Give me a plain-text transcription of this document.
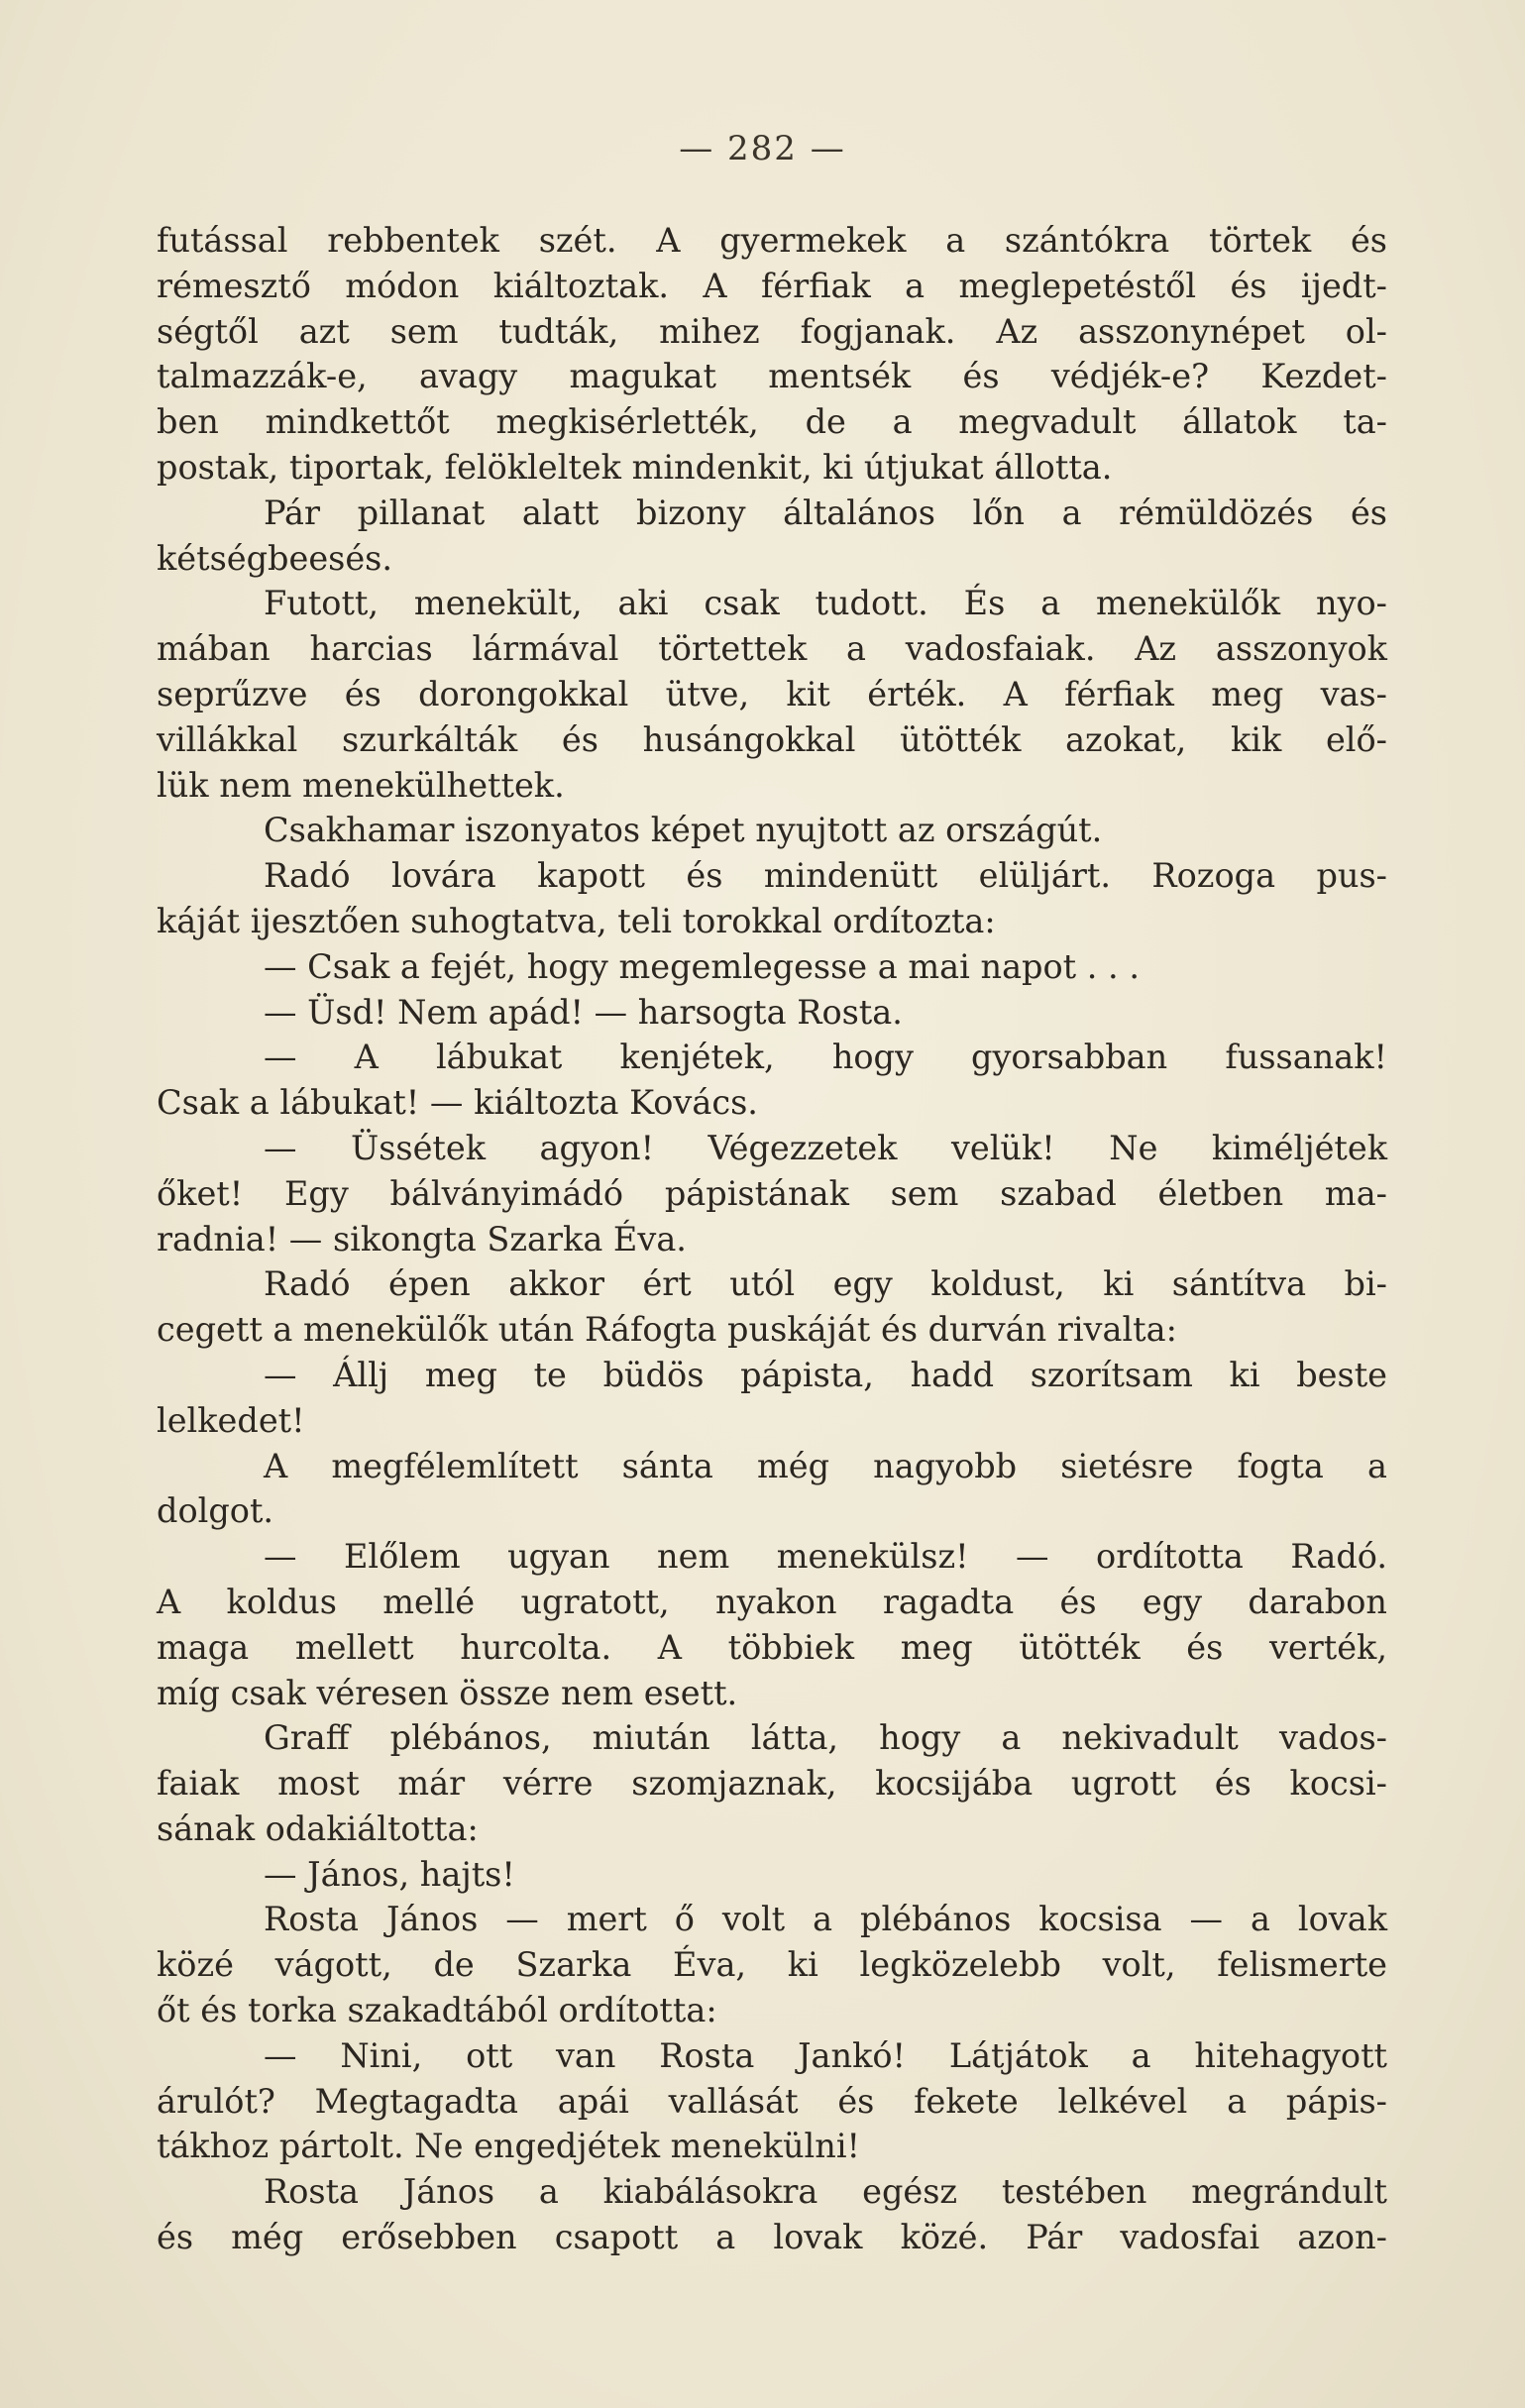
— 282 —
futással rebbentek szét. A gyermekek a szántókra törtek és
rémesztő módon kiáltoztak. A férfiak a meglepetéstől és ijedt-
ségtől azt sem tudták, mihez fogjanak. Az asszonynépet ol-
talmazzák-e, avagy magukat mentsék és védjék-e? Kezdet-
ben mindkettőt megkisérlették, de a megvadult állatok ta-
postak, tiportak, felökleltek mindenkit, ki útjukat állotta.
Pár pillanat alatt bizony általános lőn a rémüldözés és
kétségbeesés.
Futott, menekült, aki csak tudott. És a menekülők nyo-
mában harcias lármával törtettek a vadosfaiak. Az asszonyok
seprűzve és dorongokkal ütve, kit érték. A férfiak meg vas-
villákkal szurkálták és husángokkal ütötték azokat, kik elő-
lük nem menekülhettek.
Csakhamar iszonyatos képet nyujtott az országút.
Radó lovára kapott és mindenütt elüljárt. Rozoga pus-
káját ijesztően suhogtatva, teli torokkal ordítozta:
— Csak a fejét, hogy megemlegesse a mai napot . . .
— Üsd! Nem apád! — harsogta Rosta.
— A lábukat kenjétek, hogy gyorsabban fussanak!
Csak a lábukat! — kiáltozta Kovács.
— Üssétek agyon! Végezzetek velük! Ne kiméljétek
őket! Egy bálványimádó pápistának sem szabad életben ma-
radnia! — sikongta Szarka Éva.
Radó épen akkor ért utól egy koldust, ki sántítva bi-
cegett a menekülők után Ráfogta puskáját és durván rivalta:
— Állj meg te büdös pápista, hadd szorítsam ki beste
lelkedet!
A megfélemlített sánta még nagyobb sietésre fogta a
dolgot.
— Előlem ugyan nem menekülsz! — ordította Radó.
A koldus mellé ugratott, nyakon ragadta és egy darabon
maga mellett hurcolta. A többiek meg ütötték és verték,
míg csak véresen össze nem esett.
Graff plébános, miután látta, hogy a nekivadult vados-
faiak most már vérre szomjaznak, kocsijába ugrott és kocsi-
sának odakiáltotta:
— János, hajts!
Rosta János — mert ő volt a plébános kocsisa — a lovak
közé vágott, de Szarka Éva, ki legközelebb volt, felismerte
őt és torka szakadtából ordította:
— Nini, ott van Rosta Jankó! Látjátok a hitehagyott
árulót? Megtagadta apái vallását és fekete lelkével a pápis-
tákhoz pártolt. Ne engedjétek menekülni!
Rosta János a kiabálásokra egész testében megrándult
és még erősebben csapott a lovak közé. Pár vadosfai azon-
